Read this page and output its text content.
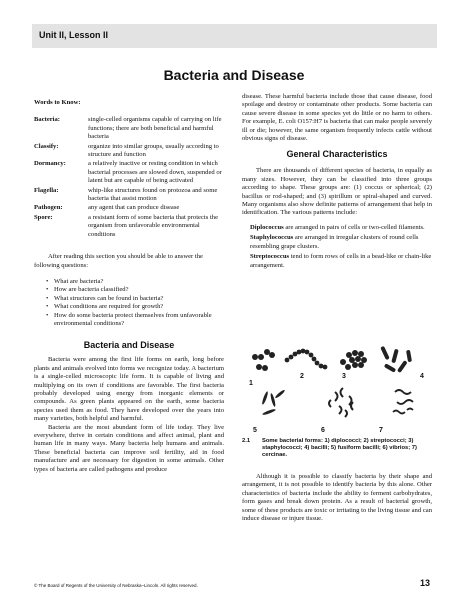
Unit II, Lesson II
Bacteria and Disease

Words to Know:

Bacteria:	single-celled organisms capable of carrying on life functions; there are both beneficial and harmful bacteria
Classify:	organize into similar groups, usually according to structure and function
Dormancy:	a relatively inactive or resting condition in which bacterial processes are slowed down, suspended or latent but are capable of being activated
Flagella:	whip-like structures found on protozoa and some bacteria that assist motion
Pathogen:	any agent that can produce disease
Spore:	a resistant form of some bacteria that protects the organism from unfavorable environmental conditions

After reading this section you should be able to answer the following questions:

• What are bacteria?
• How are bacteria classified?
• What structures can be found in bacteria?
• What conditions are required for growth?
• How do some bacteria protect themselves from unfavorable environmental conditions?

Bacteria and Disease

Bacteria were among the first life forms on earth, long before plants and animals evolved into forms we recognize today. A bacterium is a single-celled microscopic life form. It is capable of living and multiplying on its own if conditions are favorable. The first bacteria probably developed using energy from inorganic elements or compounds. As green plants appeared on the earth, some bacteria species used them as food. They have developed over the years into many varieties, both helpful and harmful.

Bacteria are the most abundant form of life today. They live everywhere, thrive in certain conditions and affect animal, plant and human life in many ways. Many bacteria help humans and animals. These beneficial bacteria can improve soil fertility, aid in food manufacture and are necessary for digestion in some animals. Other types of bacteria are called pathogens and produce

disease. These harmful bacteria include those that cause disease, food spoilage and destroy or contaminate other products. Some bacteria can cause severe disease in some species yet do little or no harm to others. For example, E. coli O157:H7 is bacteria that can make people severely ill or die; however, the same organism frequently infects cattle without obvious signs of disease.

General Characteristics

There are thousands of different species of bacteria, in equally as many sizes. However, they can be classified into three groups according to shape. These groups are: (1) coccus or spherical; (2) bacillus or rod-shaped; and (3) spirillum or spiral-shaped and curved. Many organisms also show definite patterns of arrangement that help in identification. The various patterns include:

Diplococcus are arranged in pairs of cells or two-celled filaments.

Staphylococcus are arranged in irregular clusters of round cells resembling grape clusters.

Streptococcus tend to form rows of cells in a bead-like or chain-like arrangement.

2.1	Some bacterial forms: 1) diplococci; 2) streptococci; 3) staphylococci; 4) bacilli; 5) fusiform bacilli; 6) vibrios; 7) cercinae.

Although it is possible to classify bacteria by their shape and arrangement, it is not possible to identify bacteria by this alone. Other characteristics of bacteria include the ability to ferment carbohydrates, form gases and break down protein. As a result of bacterial growth, some of these products are toxic or irritating to the living tissue and can induce disease or injure tissue.

1
2	3	4
5	6	7
© The Board of Regents of the University of Nebraska–Lincoln. All rights reserved.	13
